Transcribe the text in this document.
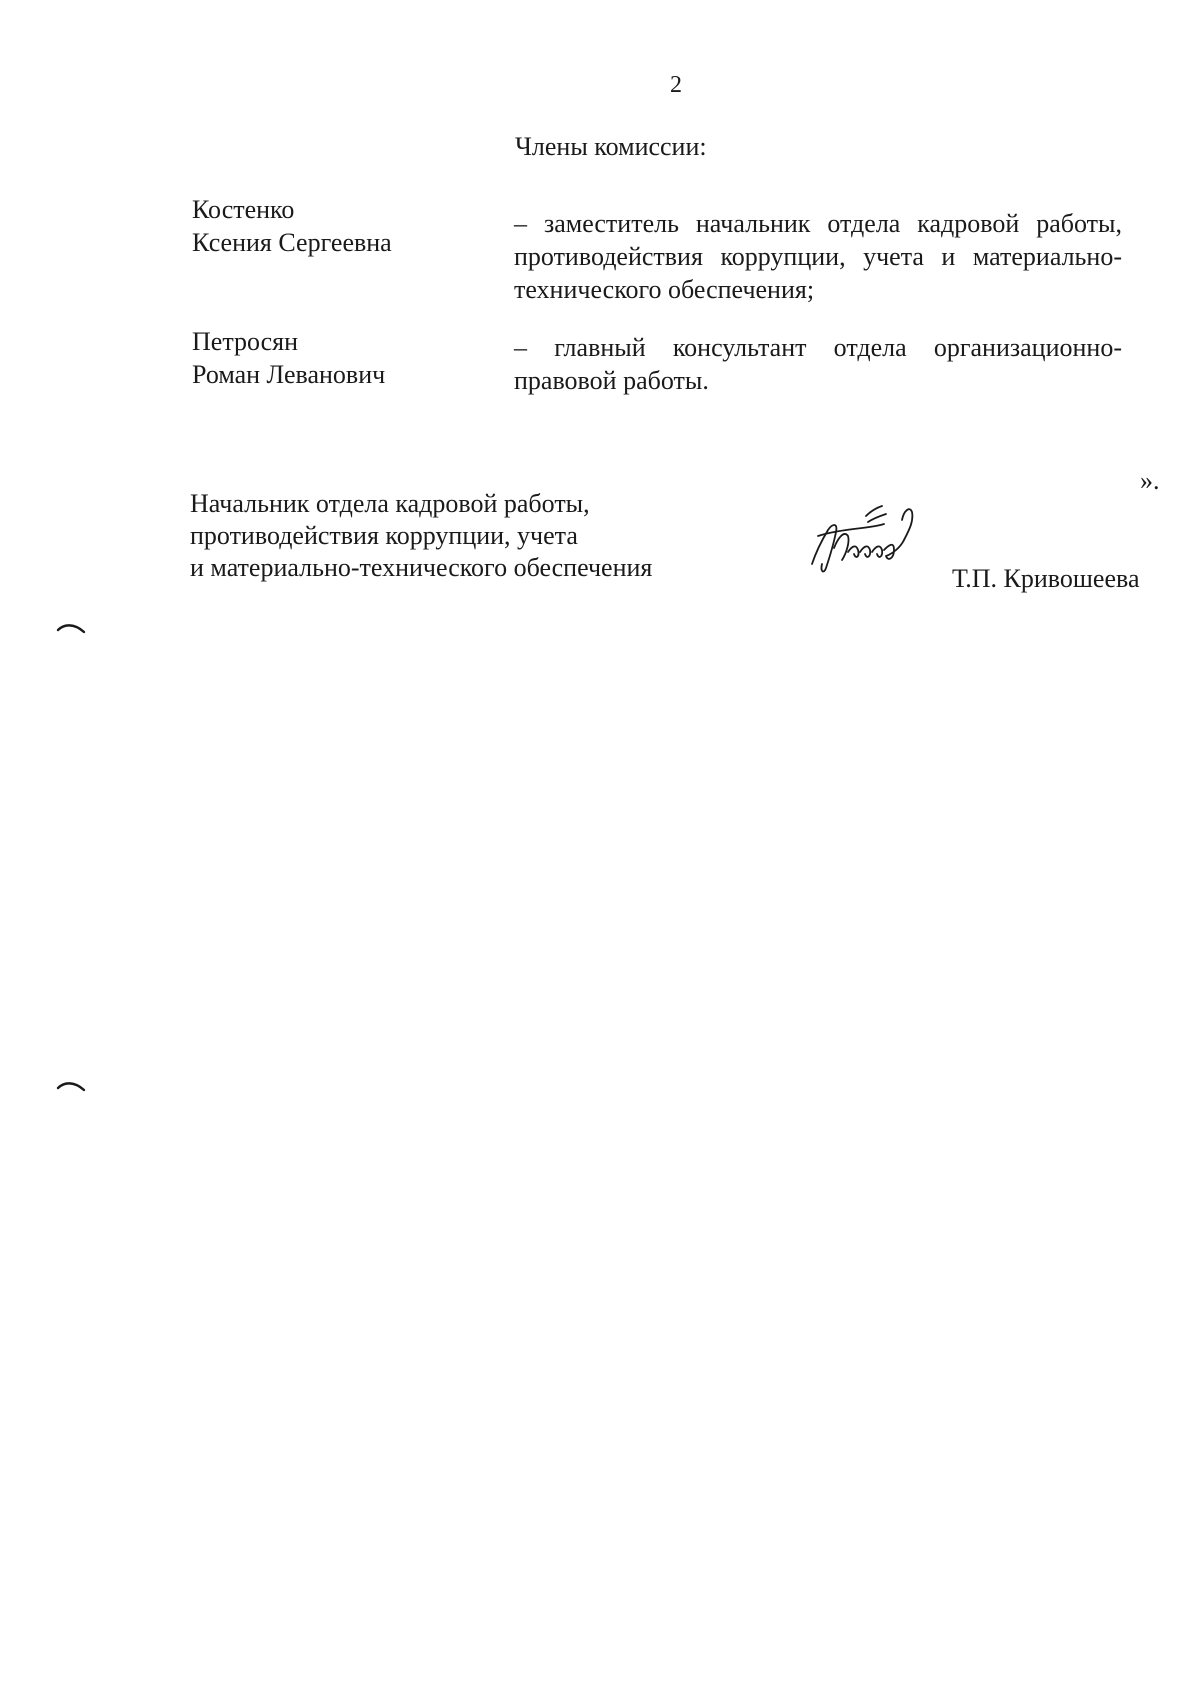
2
Члены комиссии:
Костенко
Ксения Сергеевна
– заместитель начальник отдела кадровой работы, противодействия коррупции, учета и материально-технического обеспечения;
Петросян
Роман Леванович
– главный консультант отдела организационно-правовой работы.
».
Начальник отдела кадровой работы,
противодействия коррупции, учета
и материально-технического обеспечения	Т.П. Кривошеева
